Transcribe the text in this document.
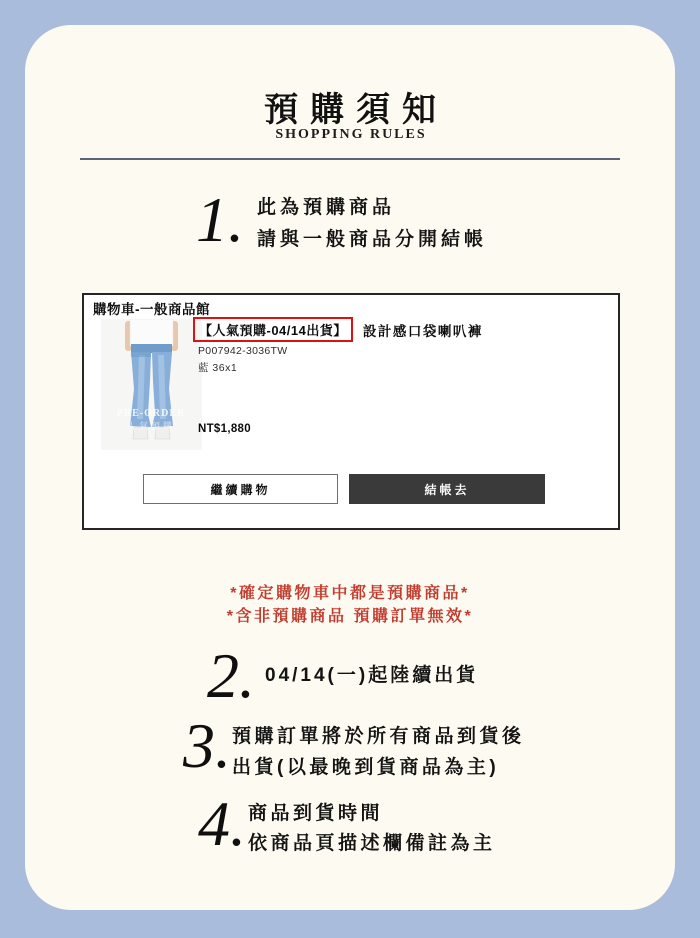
預購須知
SHOPPING RULES
1. 此為預購商品
請與一般商品分開結帳
購物車-一般商品館
PRE-ORDER
人氣預購
【人氣預購-04/14出貨】	設計感口袋喇叭褲
P007942-3036TW
藍 36x1
NT$1,880
繼續購物	結帳去
*確定購物車中都是預購商品*
*含非預購商品 預購訂單無效*
2. 04/14(一)起陸續出貨
3. 預購訂單將於所有商品到貨後
出貨(以最晚到貨商品為主)
4. 商品到貨時間
依商品頁描述欄備註為主
